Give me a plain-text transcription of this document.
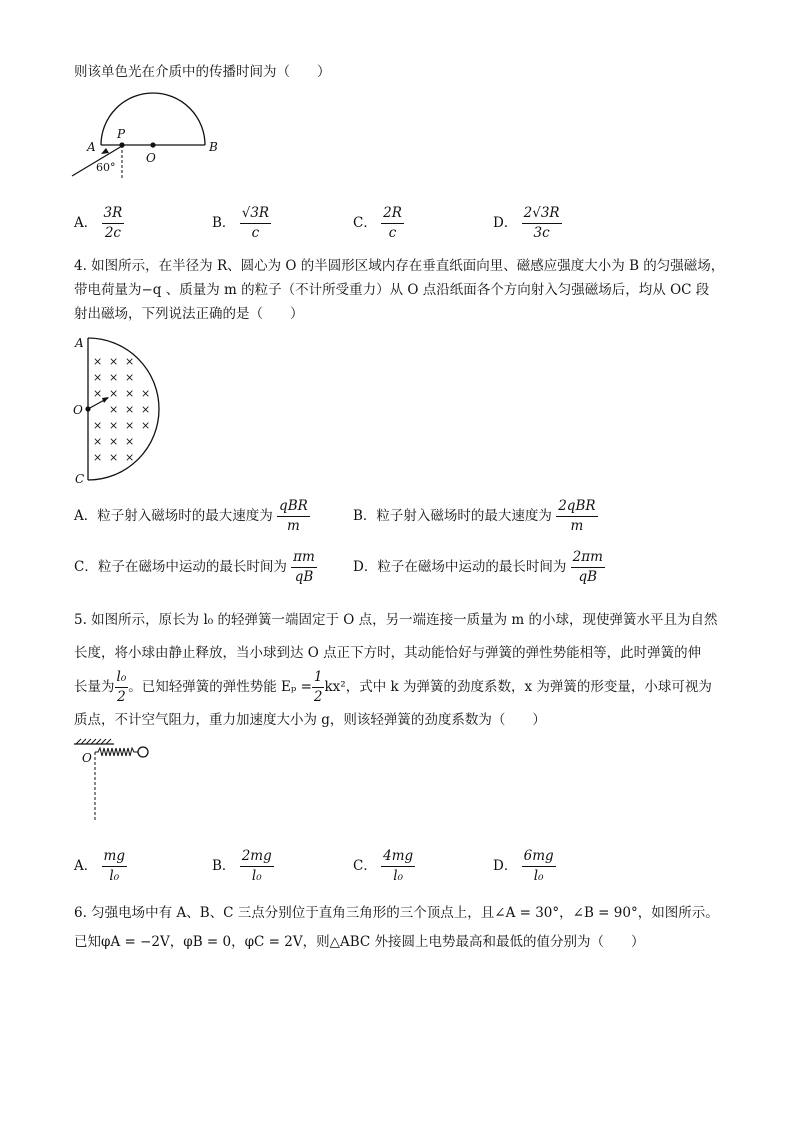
则该单色光在介质中的传播时间为（　　）
A
P
O
B
60°
A． $\frac{3R}{2c}$	B． $\frac{√3R}{c}$	C． $\frac{2R}{c}$	D． $\frac{2√3R}{3c}$
4. 如图所示，在半径为 R、圆心为 O 的半圆形区域内存在垂直纸面向里、磁感应强度大小为 B 的匀强磁场，
带电荷量为−q 、质量为 m 的粒子（不计所受重力）从 O 点沿纸面各个方向射入匀强磁场后，均从 OC 段
射出磁场，下列说法正确的是（　　）
× × ×
× × ×
× × × ×
× × ×
× × × ×
× × ×
× × ×
A
O
C
A．粒子射入磁场时的最大速度为 $\frac{\text{qBR}}{m}$	B．粒子射入磁场时的最大速度为 $\frac{\text{2qBR}}{m}$
C．粒子在磁场中运动的最长时间为 $\frac{\pi m}{qB}$	D．粒子在磁场中运动的最长时间为 $\frac{2\pi m}{qB}$
5. 如图所示，原长为 l₀ 的轻弹簧一端固定于 O 点，另一端连接一质量为 m 的小球，现使弹簧水平且为自然
长度，将小球由静止释放，当小球到达 O 点正下方时，其动能恰好与弹簧的弹性势能相等，此时弹簧的伸
长量为 $\frac{\text{l₀}}{2}$ 。已知轻弹簧的弹性势能 $E_p = \frac{1}{2} kx^2$，式中 k 为弹簧的劲度系数，x 为弹簧的形变量，小球可视为
质点，不计空气阻力，重力加速度大小为 g，则该轻弹簧的劲度系数为（　　）
O
A． $\frac{mg}{\text{l₀}}$	B． $\frac{2mg}{\text{l₀}}$	C． $\frac{4mg}{\text{l₀}}$	D． $\frac{6mg}{\text{l₀}}$
6. 匀强电场中有 A、B、C 三点分别位于直角三角形的三个顶点上，且∠A = 30°，∠B = 90°，如图所示。
已知φA = −2V，φB = 0，φC = 2V，则△ABC 外接圆上电势最高和最低的值分别为（　　）
